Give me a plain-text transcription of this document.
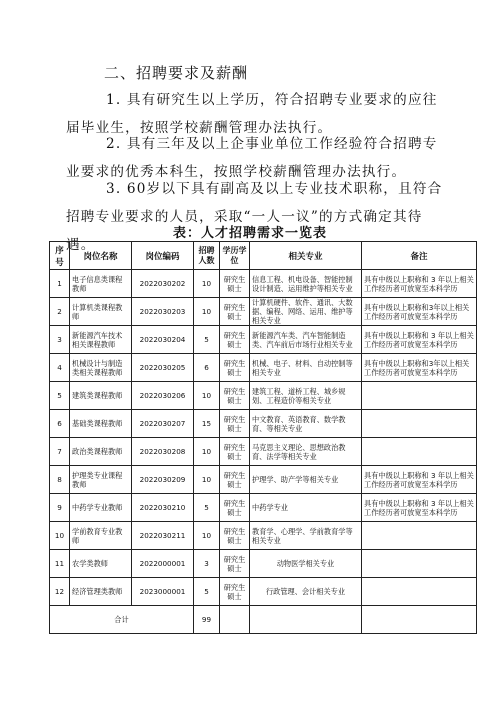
二、招聘要求及薪酬
1. 具有研究生以上学历，符合招聘专业要求的应往届毕业生，按照学校薪酬管理办法执行。
2. 具有三年及以上企事业单位工作经验符合招聘专业要求的优秀本科生，按照学校薪酬管理办法执行。
3. 60岁以下具有副高及以上专业技术职称，且符合招聘专业要求的人员，采取“一人一议”的方式确定其待遇。
表：人才招聘需求一览表
序号	岗位名称	岗位编码	招聘人数	学历学位	相关专业	备注
1	电子信息类课程教师	2022030202	10	研究生硕士	信息工程、机电设备、智能控制设计制造、运用维护等相关专业	具有中级以上职称和 3 年以上相关工作经历者可放宽至本科学历
2	计算机类课程教师	2022030203	10	研究生硕士	计算机硬件、软件、通讯、大数据、编程、网络、运用、维护等相关专业	具有中级以上职称和3年以上相关工作经历者可放宽至本科学历
3	新能源汽车技术相关课程教师	2022030204	5	研究生硕士	新能源汽车类、汽车智能制造类、汽车前后市场行业相关专业	具有中级以上职称和 3 年以上相关工作经历者可放宽至本科学历
4	机械设计与制造类相关课程教师	2022030205	6	研究生硕士	机械、电子、材料、自动控制等相关专业	具有中级以上职称和3年以上相关工作经历者可放宽至本科学历
5	建筑类课程教师	2022030206	10	研究生硕士	建筑工程、道桥工程、城乡规划、工程造价等相关专业	
6	基础类课程教师	2022030207	15	研究生硕士	中文教育、英语教育、数学教育、等相关专业	
7	政治类课程教师	2022030208	10	研究生硕士	马克思主义理论、思想政治教育、法学等相关专业	
8	护理类专业课程教师	2022030209	10	研究生硕士	护理学、助产学等相关专业	具有中级以上职称和 3 年以上相关工作经历者可放宽至本科学历
9	中药学专业教师	2022030210	5	研究生硕士	中药学专业	具有中级以上职称和 3 年以上相关工作经历者可放宽至本科学历
10	学前教育专业教师	2022030211	10	研究生硕士	教育学、心理学、学前教育学等相关专业	
11	农学类教师	2022000001	3	研究生硕士	动物医学相关专业	
12	经济管理类教师	2023000001	5	研究生硕士	行政管理、会计相关专业	
合计			99			
